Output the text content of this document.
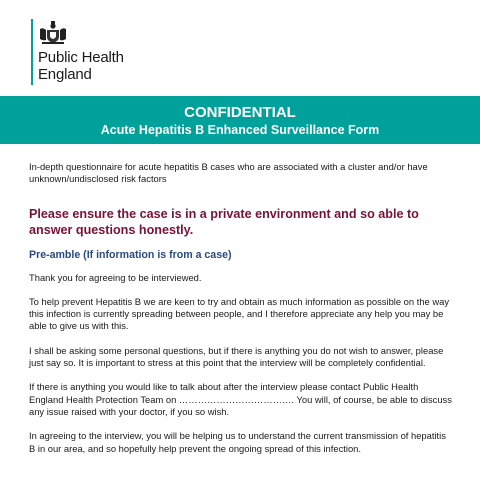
Public Health
England
CONFIDENTIAL
Acute Hepatitis B Enhanced Surveillance Form

In-depth questionnaire for acute hepatitis B cases who are associated with a cluster and/or have unknown/undisclosed risk factors

Please ensure the case is in a private environment and so able to answer questions honestly.

Pre-amble (If information is from a case)

Thank you for agreeing to be interviewed.

To help prevent Hepatitis B we are keen to try and obtain as much information as possible on the way this infection is currently spreading between people, and I therefore appreciate any help you may be able to give us with this.

I shall be asking some personal questions, but if there is anything you do not wish to answer, please just say so. It is important to stress at this point that the interview will be completely confidential.

If there is anything you would like to talk about after the interview please contact Public Health England Health Protection Team on ………………………………. You will, of course, be able to discuss any issue raised with your doctor, if you so wish.

In agreeing to the interview, you will be helping us to understand the current transmission of hepatitis B in our area, and so hopefully help prevent the ongoing spread of this infection.
